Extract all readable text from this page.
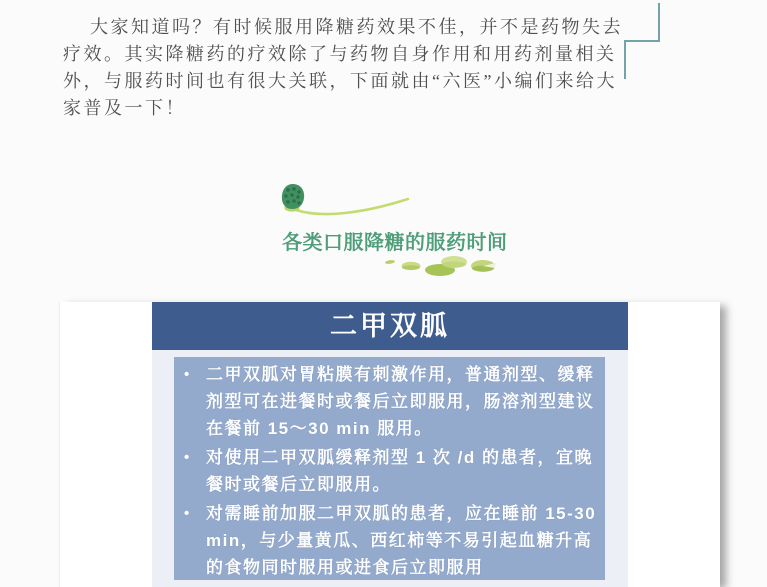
大家知道吗？有时候服用降糖药效果不佳，并不是药物失去疗效。其实降糖药的疗效除了与药物自身作用和用药剂量相关外，与服药时间也有很大关联，下面就由“六医”小编们来给大家普及一下！

各类口服降糖的服药时间
二甲双胍
• 二甲双胍对胃粘膜有刺激作用，普通剂型、缓释剂型可在进餐时或餐后立即服用，肠溶剂型建议在餐前 15～30 min 服用。
• 对使用二甲双胍缓释剂型 1 次 /d 的患者，宜晚餐时或餐后立即服用。
• 对需睡前加服二甲双胍的患者，应在睡前 15-30 min，与少量黄瓜、西红柿等不易引起血糖升高的食物同时服用或进食后立即服用
